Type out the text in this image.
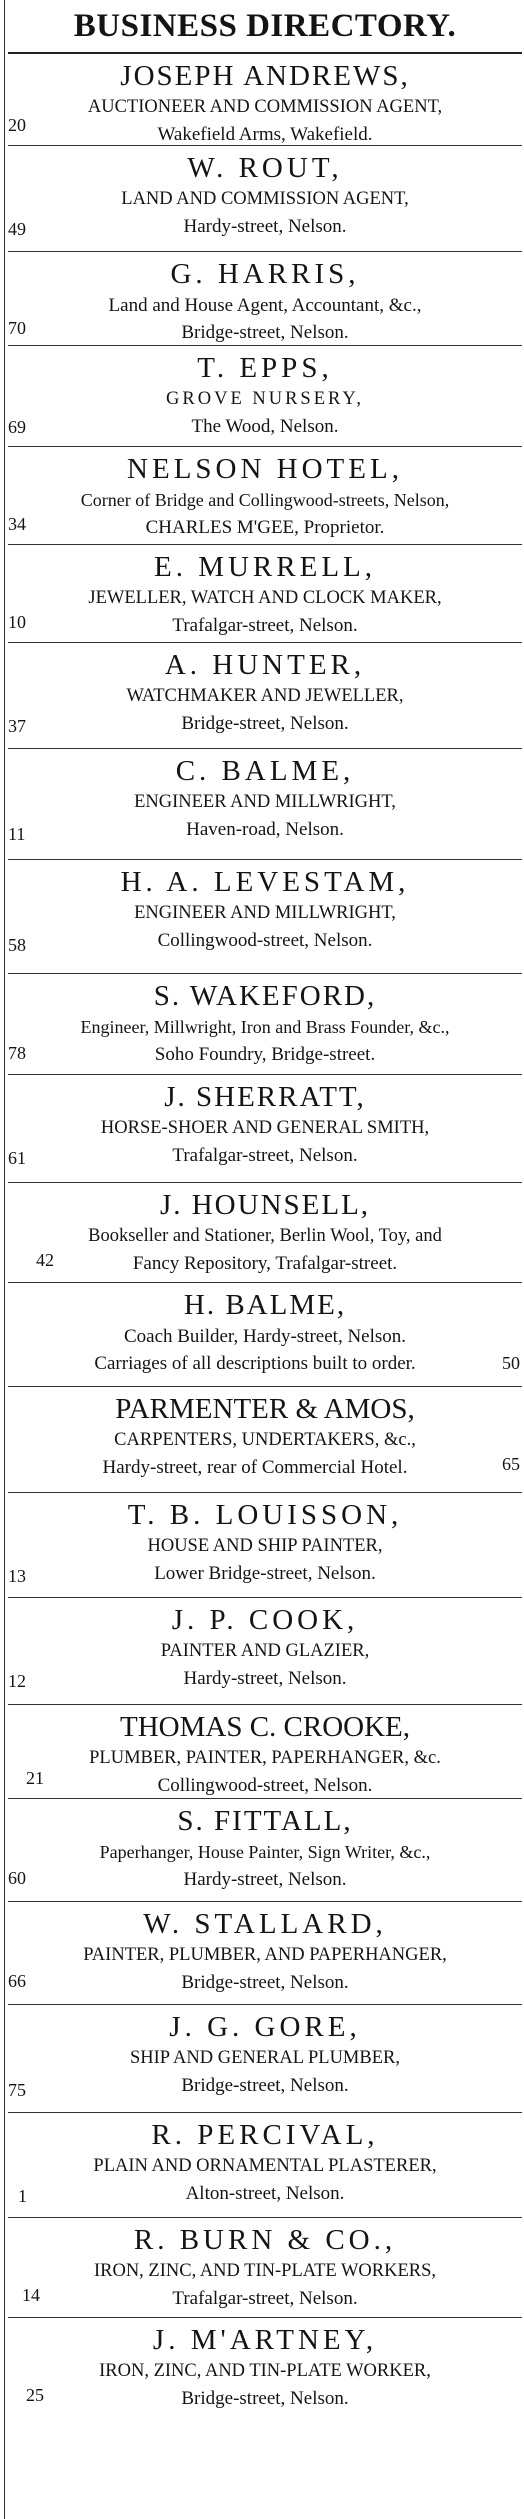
BUSINESS DIRECTORY.
JOSEPH ANDREWS,
AUCTIONEER AND COMMISSION AGENT,
Wakefield Arms, Wakefield.
20
W. ROUT,
LAND AND COMMISSION AGENT,
Hardy-street, Nelson.
49
G. HARRIS,
Land and House Agent, Accountant, &c.,
Bridge-street, Nelson.
70
T. EPPS,
GROVE NURSERY,
The Wood, Nelson.
69
NELSON HOTEL,
Corner of Bridge and Collingwood-streets, Nelson,
CHARLES M'GEE, Proprietor.
34
E. MURRELL,
JEWELLER, WATCH AND CLOCK MAKER,
Trafalgar-street, Nelson.
10
A. HUNTER,
WATCHMAKER AND JEWELLER,
Bridge-street, Nelson.
37
C. BALME,
ENGINEER AND MILLWRIGHT,
Haven-road, Nelson.
11
H. A. LEVESTAM,
ENGINEER AND MILLWRIGHT,
Collingwood-street, Nelson.
58
S. WAKEFORD,
Engineer, Millwright, Iron and Brass Founder, &c.,
Soho Foundry, Bridge-street.
78
J. SHERRATT,
HORSE-SHOER AND GENERAL SMITH,
Trafalgar-street, Nelson.
61
J. HOUNSELL,
Bookseller and Stationer, Berlin Wool, Toy, and
Fancy Repository, Trafalgar-street.
42
H. BALME,
Coach Builder, Hardy-street, Nelson.
Carriages of all descriptions built to order.	50
PARMENTER & AMOS,
CARPENTERS, UNDERTAKERS, &c.,
Hardy-street, rear of Commercial Hotel.	65
T. B. LOUISSON,
HOUSE AND SHIP PAINTER,
Lower Bridge-street, Nelson.
13
J. P. COOK,
PAINTER AND GLAZIER,
Hardy-street, Nelson.
12
THOMAS C. CROOKE,
PLUMBER, PAINTER, PAPERHANGER, &c.
Collingwood-street, Nelson.
21
S. FITTALL,
Paperhanger, House Painter, Sign Writer, &c.,
Hardy-street, Nelson.
60
W. STALLARD,
PAINTER, PLUMBER, AND PAPERHANGER,
Bridge-street, Nelson.
66
J. G. GORE,
SHIP AND GENERAL PLUMBER,
Bridge-street, Nelson.
75
R. PERCIVAL,
PLAIN AND ORNAMENTAL PLASTERER,
Alton-street, Nelson.
1
R. BURN & CO.,
IRON, ZINC, AND TIN-PLATE WORKERS,
Trafalgar-street, Nelson.
14
J. M'ARTNEY,
IRON, ZINC, AND TIN-PLATE WORKER,
Bridge-street, Nelson.
25
